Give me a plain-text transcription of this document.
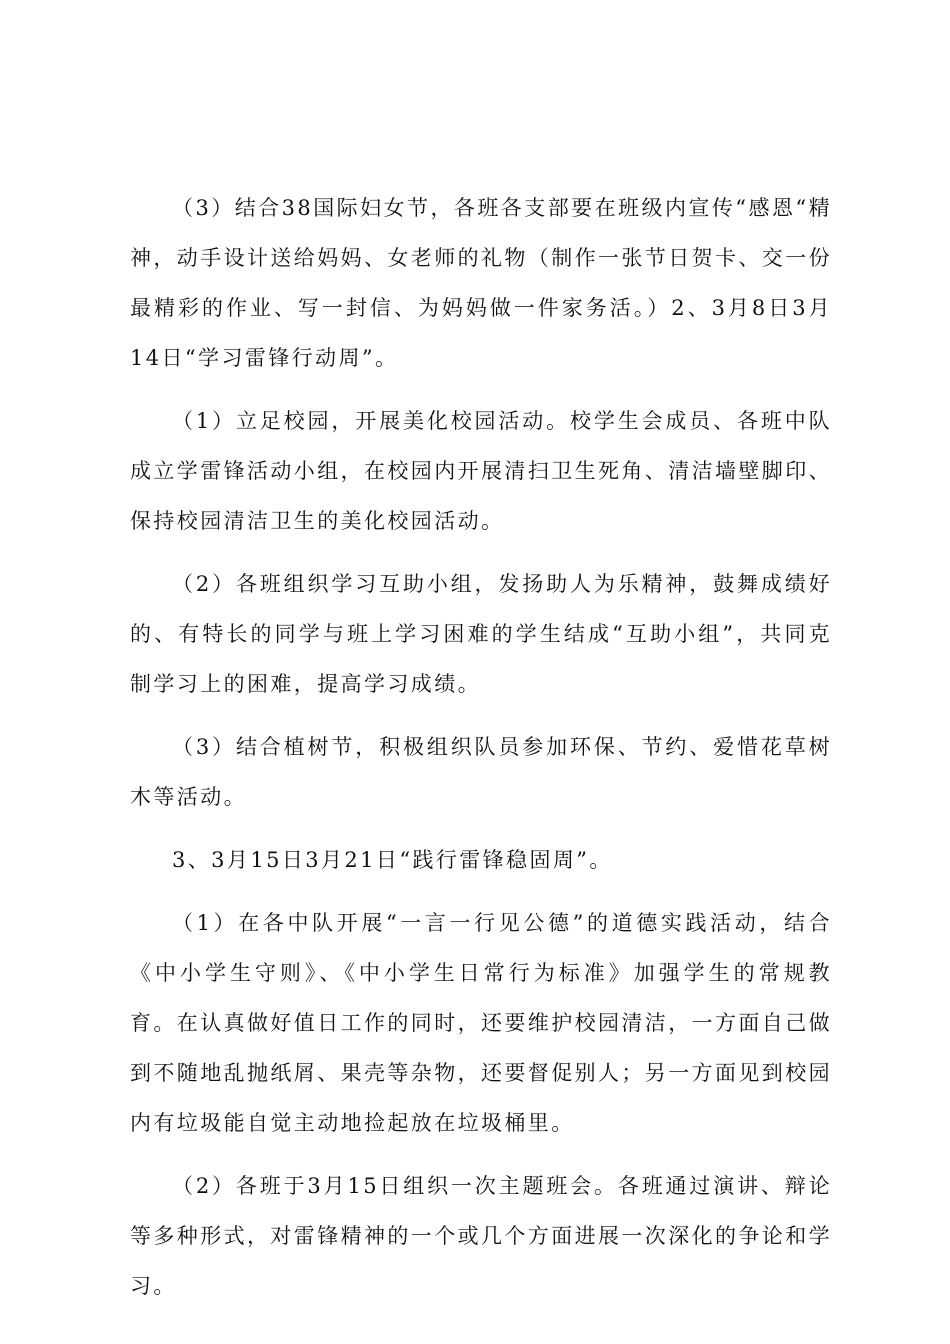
（3）结合38国际妇女节，各班各支部要在班级内宣传“感恩“精神，动手设计送给妈妈、女老师的礼物（制作一张节日贺卡、交一份最精彩的作业、写一封信、为妈妈做一件家务活。）2、3月8日3月14日“学习雷锋行动周”。

（1）立足校园，开展美化校园活动。校学生会成员、各班中队成立学雷锋活动小组，在校园内开展清扫卫生死角、清洁墙壁脚印、保持校园清洁卫生的美化校园活动。

（2）各班组织学习互助小组，发扬助人为乐精神，鼓舞成绩好的、有特长的同学与班上学习困难的学生结成“互助小组”，共同克制学习上的困难，提高学习成绩。

（3）结合植树节，积极组织队员参加环保、节约、爱惜花草树木等活动。

3、3月15日3月21日“践行雷锋稳固周”。

（1）在各中队开展“一言一行见公德”的道德实践活动，结合《中小学生守则》、《中小学生日常行为标准》加强学生的常规教育。在认真做好值日工作的同时，还要维护校园清洁，一方面自己做到不随地乱抛纸屑、果壳等杂物，还要督促别人；另一方面见到校园内有垃圾能自觉主动地捡起放在垃圾桶里。

（2）各班于3月15日组织一次主题班会。各班通过演讲、辩论等多种形式，对雷锋精神的一个或几个方面进展一次深化的争论和学习。
